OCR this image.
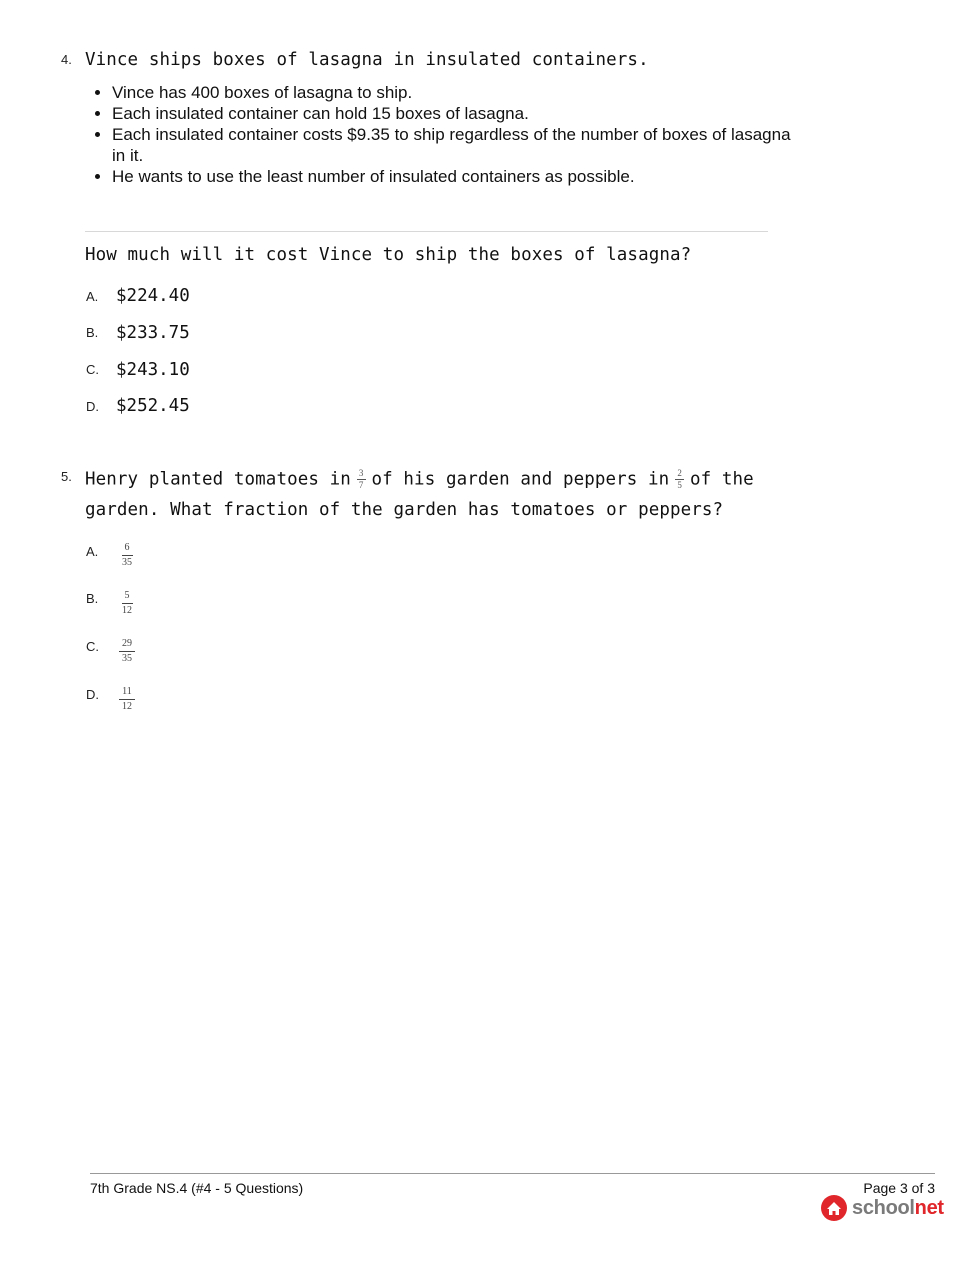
4. Vince ships boxes of lasagna in insulated containers.
• Vince has 400 boxes of lasagna to ship.
• Each insulated container can hold 15 boxes of lasagna.
• Each insulated container costs $9.35 to ship regardless of the number of boxes of lasagna in it.
• He wants to use the least number of insulated containers as possible.
How much will it cost Vince to ship the boxes of lasagna?
A. $224.40
B. $233.75
C. $243.10
D. $252.45
5. Henry planted tomatoes in $\frac{3}{7}$ of his garden and peppers in $\frac{2}{5}$ of the
garden. What fraction of the garden has tomatoes or peppers?
A. $\frac{6}{35}$
B. $\frac{5}{12}$
C. $\frac{29}{35}$
D. $\frac{11}{12}$
7th Grade NS.4 (#4 - 5 Questions)	Page 3 of 3
schoolnet
